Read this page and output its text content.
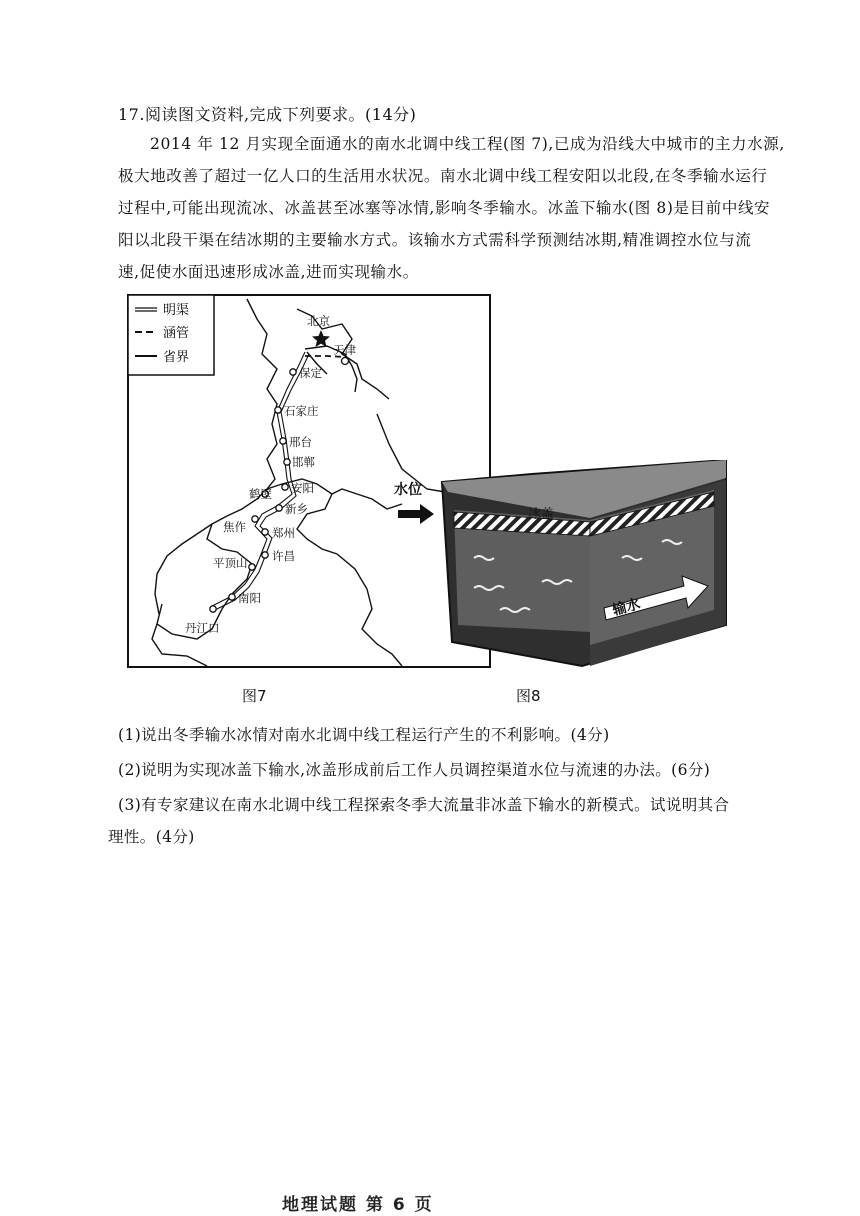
17.阅读图文资料,完成下列要求。(14分)
2014 年 12 月实现全面通水的南水北调中线工程(图 7),已成为沿线大中城市的主力水源,
极大地改善了超过一亿人口的生活用水状况。南水北调中线工程安阳以北段,在冬季输水运行
过程中,可能出现流冰、冰盖甚至冰塞等冰情,影响冬季输水。冰盖下输水(图 8)是目前中线安
阳以北段干渠在结冰期的主要输水方式。该输水方式需科学预测结冰期,精准调控水位与流
速,促使水面迅速形成冰盖,进而实现输水。
明渠
涵管
省界
北京
天津
保定
石家庄
邢台
邯郸
安阳
鹤壁
新乡
焦作 郑州
许昌
平顶山
南阳
丹江口
图7
输水
冰盖
水位
图8
(1)说出冬季输水冰情对南水北调中线工程运行产生的不利影响。(4分)
(2)说明为实现冰盖下输水,冰盖形成前后工作人员调控渠道水位与流速的办法。(6分)
(3)有专家建议在南水北调中线工程探索冬季大流量非冰盖下输水的新模式。试说明其合
理性。(4分)
地理试题 第 6 页
